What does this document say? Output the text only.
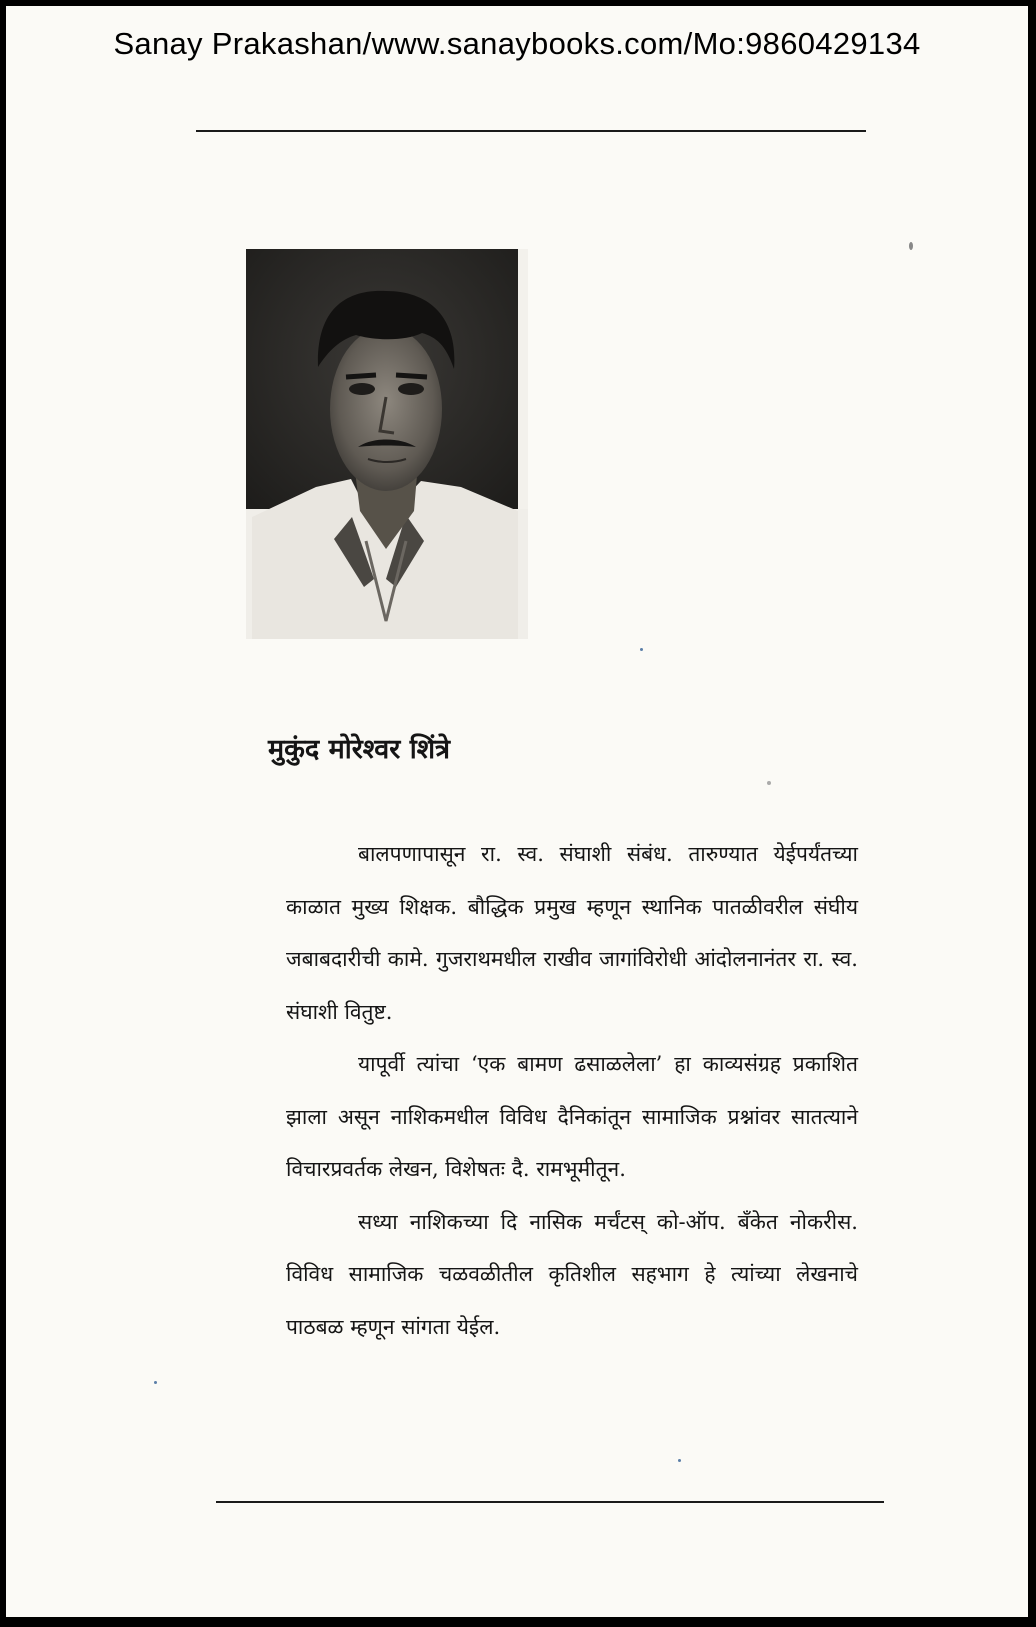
Sanay Prakashan/www.sanaybooks.com/Mo:9860429134
मुकुंद मोरेश्वर शिंत्रे

बालपणापासून रा. स्व. संघाशी संबंध. तारुण्यात येईपर्यंतच्या काळात मुख्य शिक्षक. बौद्धिक प्रमुख म्हणून स्थानिक पातळीवरील संघीय जबाबदारीची कामे. गुजराथमधील राखीव जागांविरोधी आंदोलनानंतर रा. स्व. संघाशी वितुष्ट.

यापूर्वी त्यांचा ‘एक बामण ढसाळलेला’ हा काव्यसंग्रह प्रकाशित झाला असून नाशिकमधील विविध दैनिकांतून सामाजिक प्रश्नांवर सातत्याने विचारप्रवर्तक लेखन, विशेषतः दै. रामभूमीतून.

सध्या नाशिकच्या दि नासिक मर्चंटस् को-ऑप. बँकेत नोकरीस. विविध सामाजिक चळवळीतील कृतिशील सहभाग हे त्यांच्या लेखनाचे पाठबळ म्हणून सांगता येईल.
